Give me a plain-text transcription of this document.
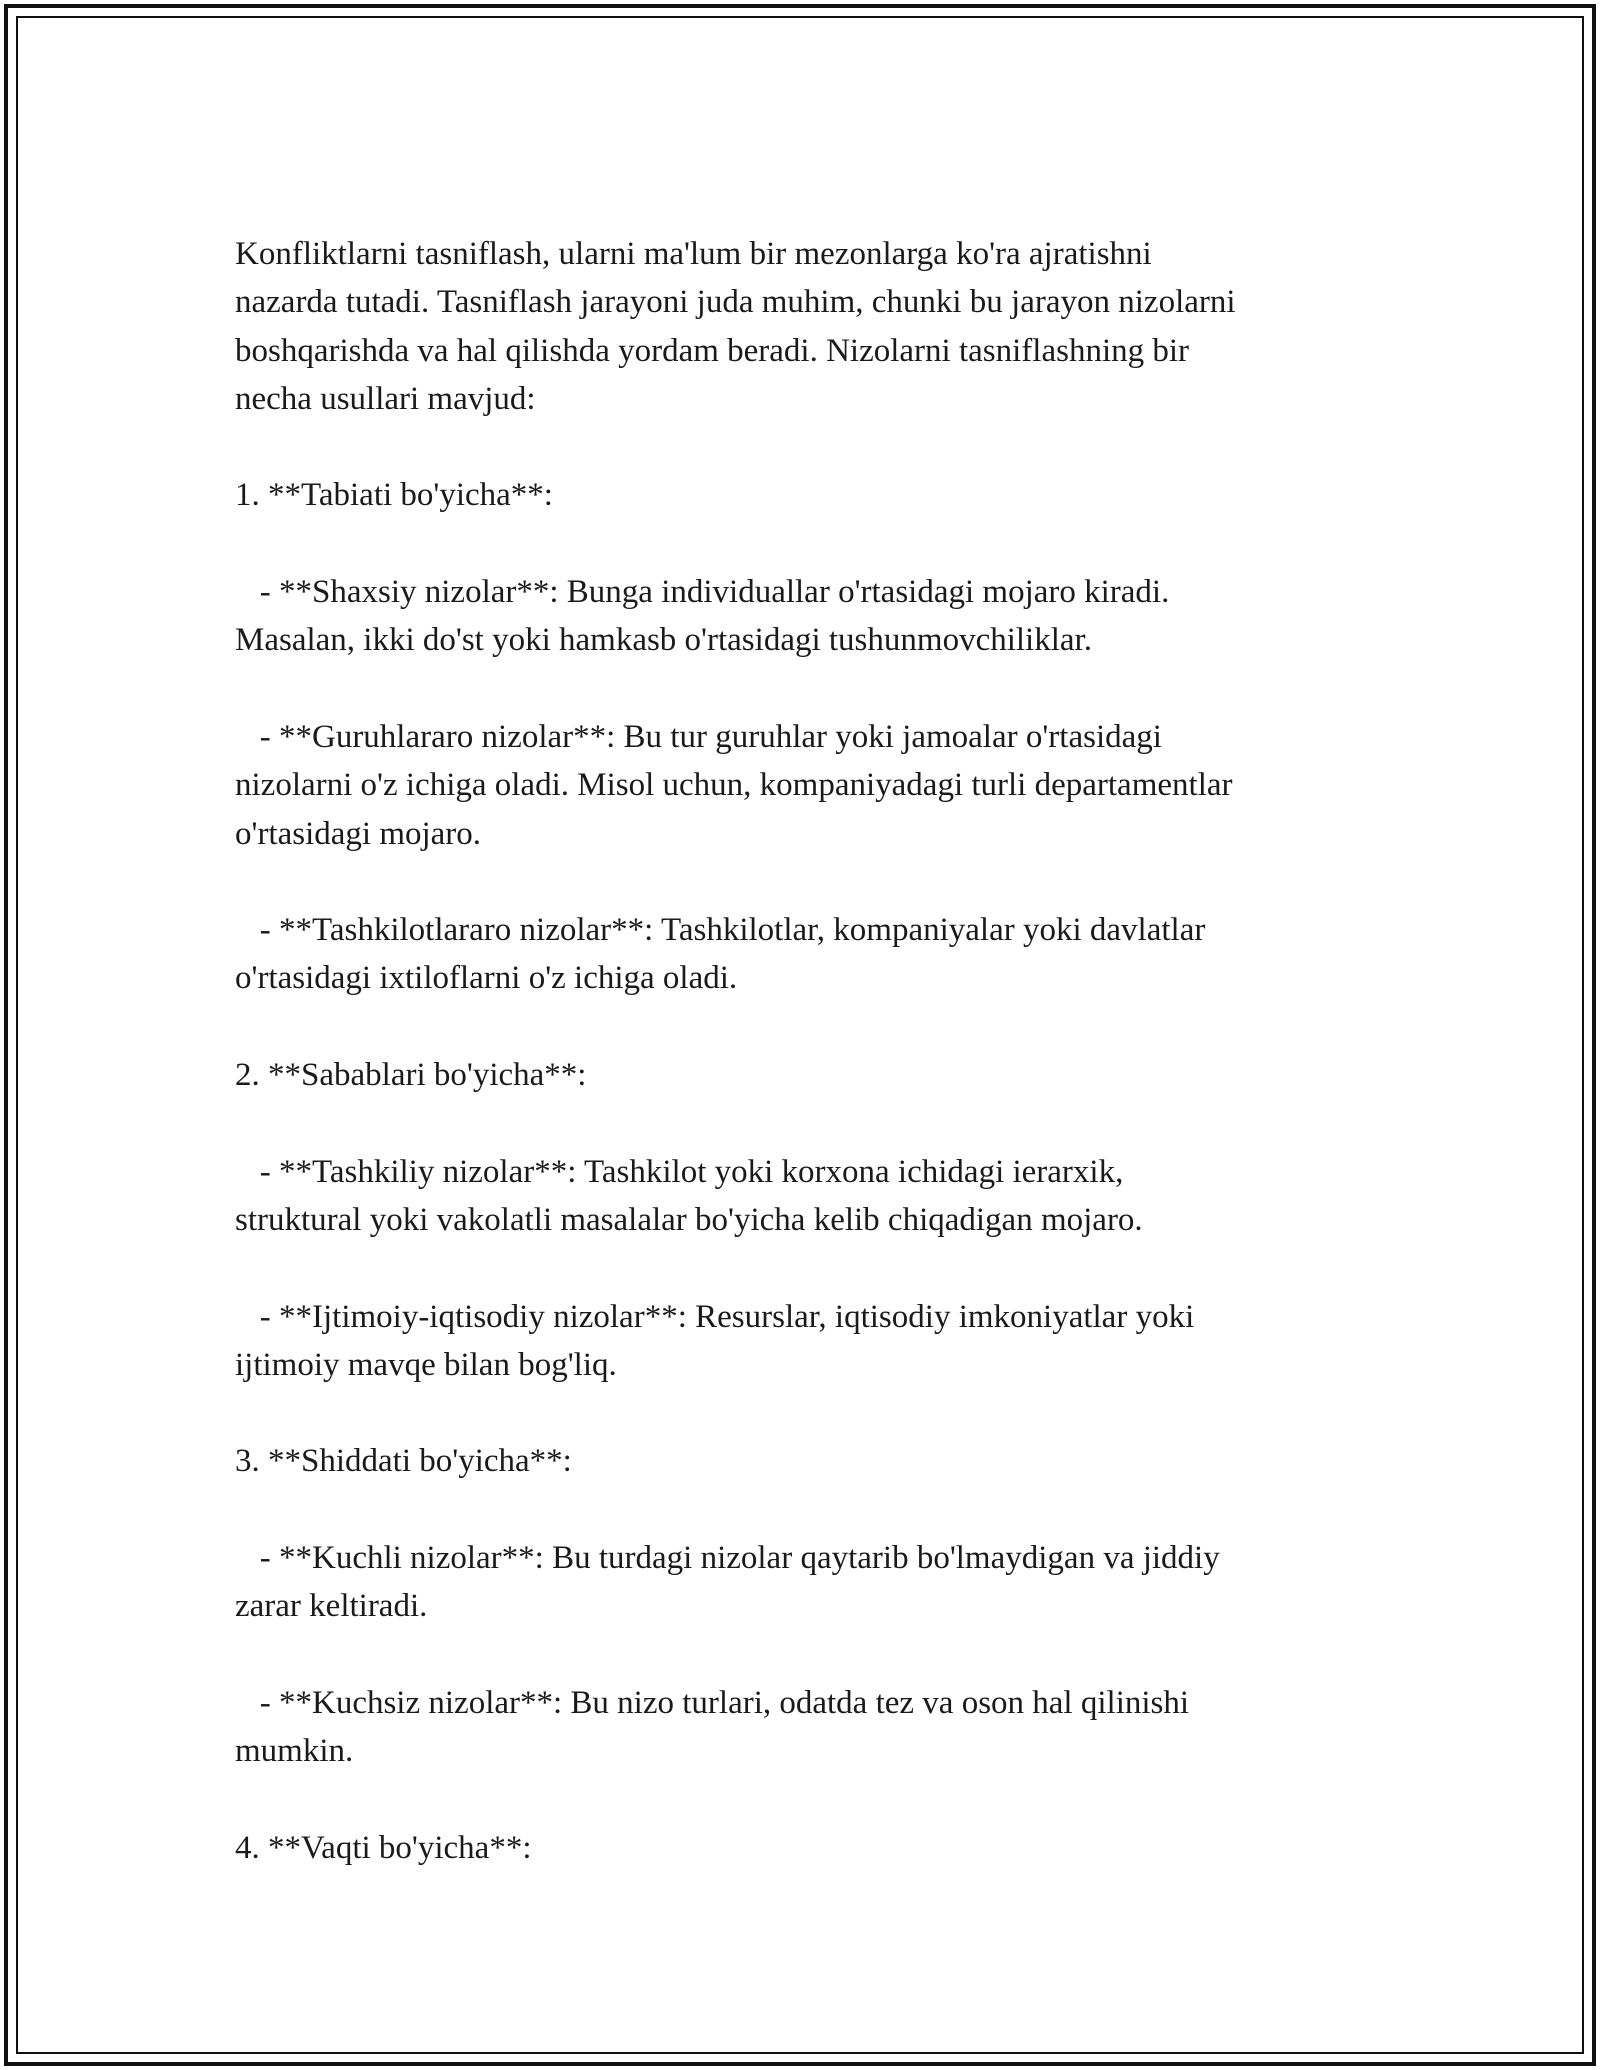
Konfliktlarni tasniflash, ularni ma'lum bir mezonlarga ko'ra ajratishni
nazarda tutadi. Tasniflash jarayoni juda muhim, chunki bu jarayon nizolarni
boshqarishda va hal qilishda yordam beradi. Nizolarni tasniflashning bir
necha usullari mavjud:
1. **Tabiati bo'yicha**:
- **Shaxsiy nizolar**: Bunga individuallar o'rtasidagi mojaro kiradi.
Masalan, ikki do'st yoki hamkasb o'rtasidagi tushunmovchiliklar.
- **Guruhlararo nizolar**: Bu tur guruhlar yoki jamoalar o'rtasidagi
nizolarni o'z ichiga oladi. Misol uchun, kompaniyadagi turli departamentlar
o'rtasidagi mojaro.
- **Tashkilotlararo nizolar**: Tashkilotlar, kompaniyalar yoki davlatlar
o'rtasidagi ixtiloflarni o'z ichiga oladi.
2. **Sabablari bo'yicha**:
- **Tashkiliy nizolar**: Tashkilot yoki korxona ichidagi ierarxik,
struktural yoki vakolatli masalalar bo'yicha kelib chiqadigan mojaro.
- **Ijtimoiy-iqtisodiy nizolar**: Resurslar, iqtisodiy imkoniyatlar yoki
ijtimoiy mavqe bilan bog'liq.
3. **Shiddati bo'yicha**:
- **Kuchli nizolar**: Bu turdagi nizolar qaytarib bo'lmaydigan va jiddiy
zarar keltiradi.
- **Kuchsiz nizolar**: Bu nizo turlari, odatda tez va oson hal qilinishi
mumkin.
4. **Vaqti bo'yicha**:
